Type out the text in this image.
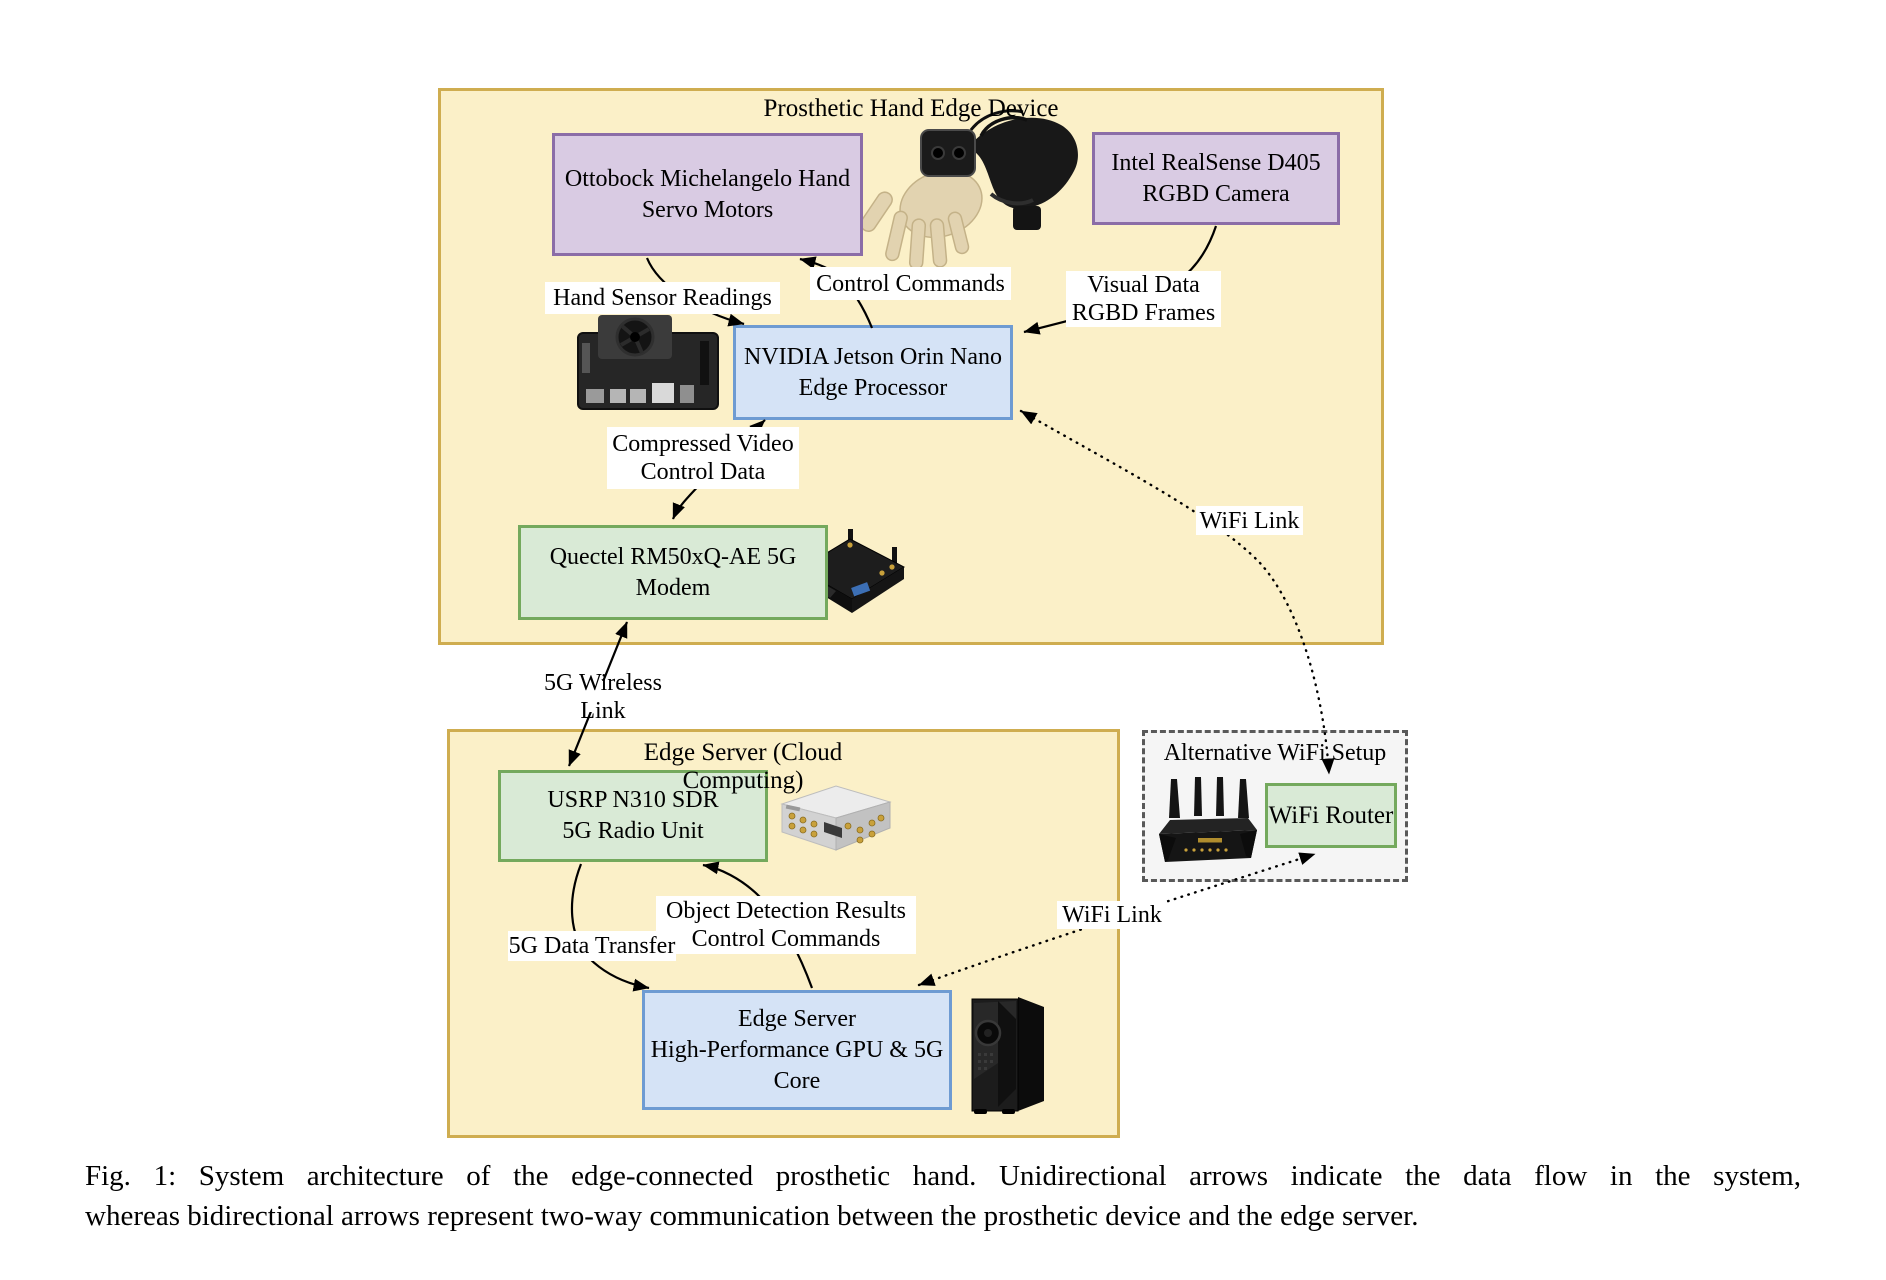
Prosthetic Hand Edge Device
Edge Server (Cloud Computing)
Alternative WiFi Setup
Ottobock Michelangelo Hand
Servo Motors
Intel RealSense D405
RGBD Camera
NVIDIA Jetson Orin Nano
Edge Processor
Quectel RM50xQ-AE 5G
Modem
USRP N310 SDR
5G Radio Unit
Edge Server
High-Performance GPU & 5G
Core
WiFi Router
Hand Sensor Readings
Control Commands	Visual Data
RGBD Frames
Compressed Video
Control Data
5G Wireless Link
Object Detection Results
Control Commands
5G Data Transfer
WiFi Link
WiFi Link
Fig. 1: System architecture of the edge-connected prosthetic hand. Unidirectional arrows indicate the data flow in the system,
whereas bidirectional arrows represent two-way communication between the prosthetic device and the edge server.
